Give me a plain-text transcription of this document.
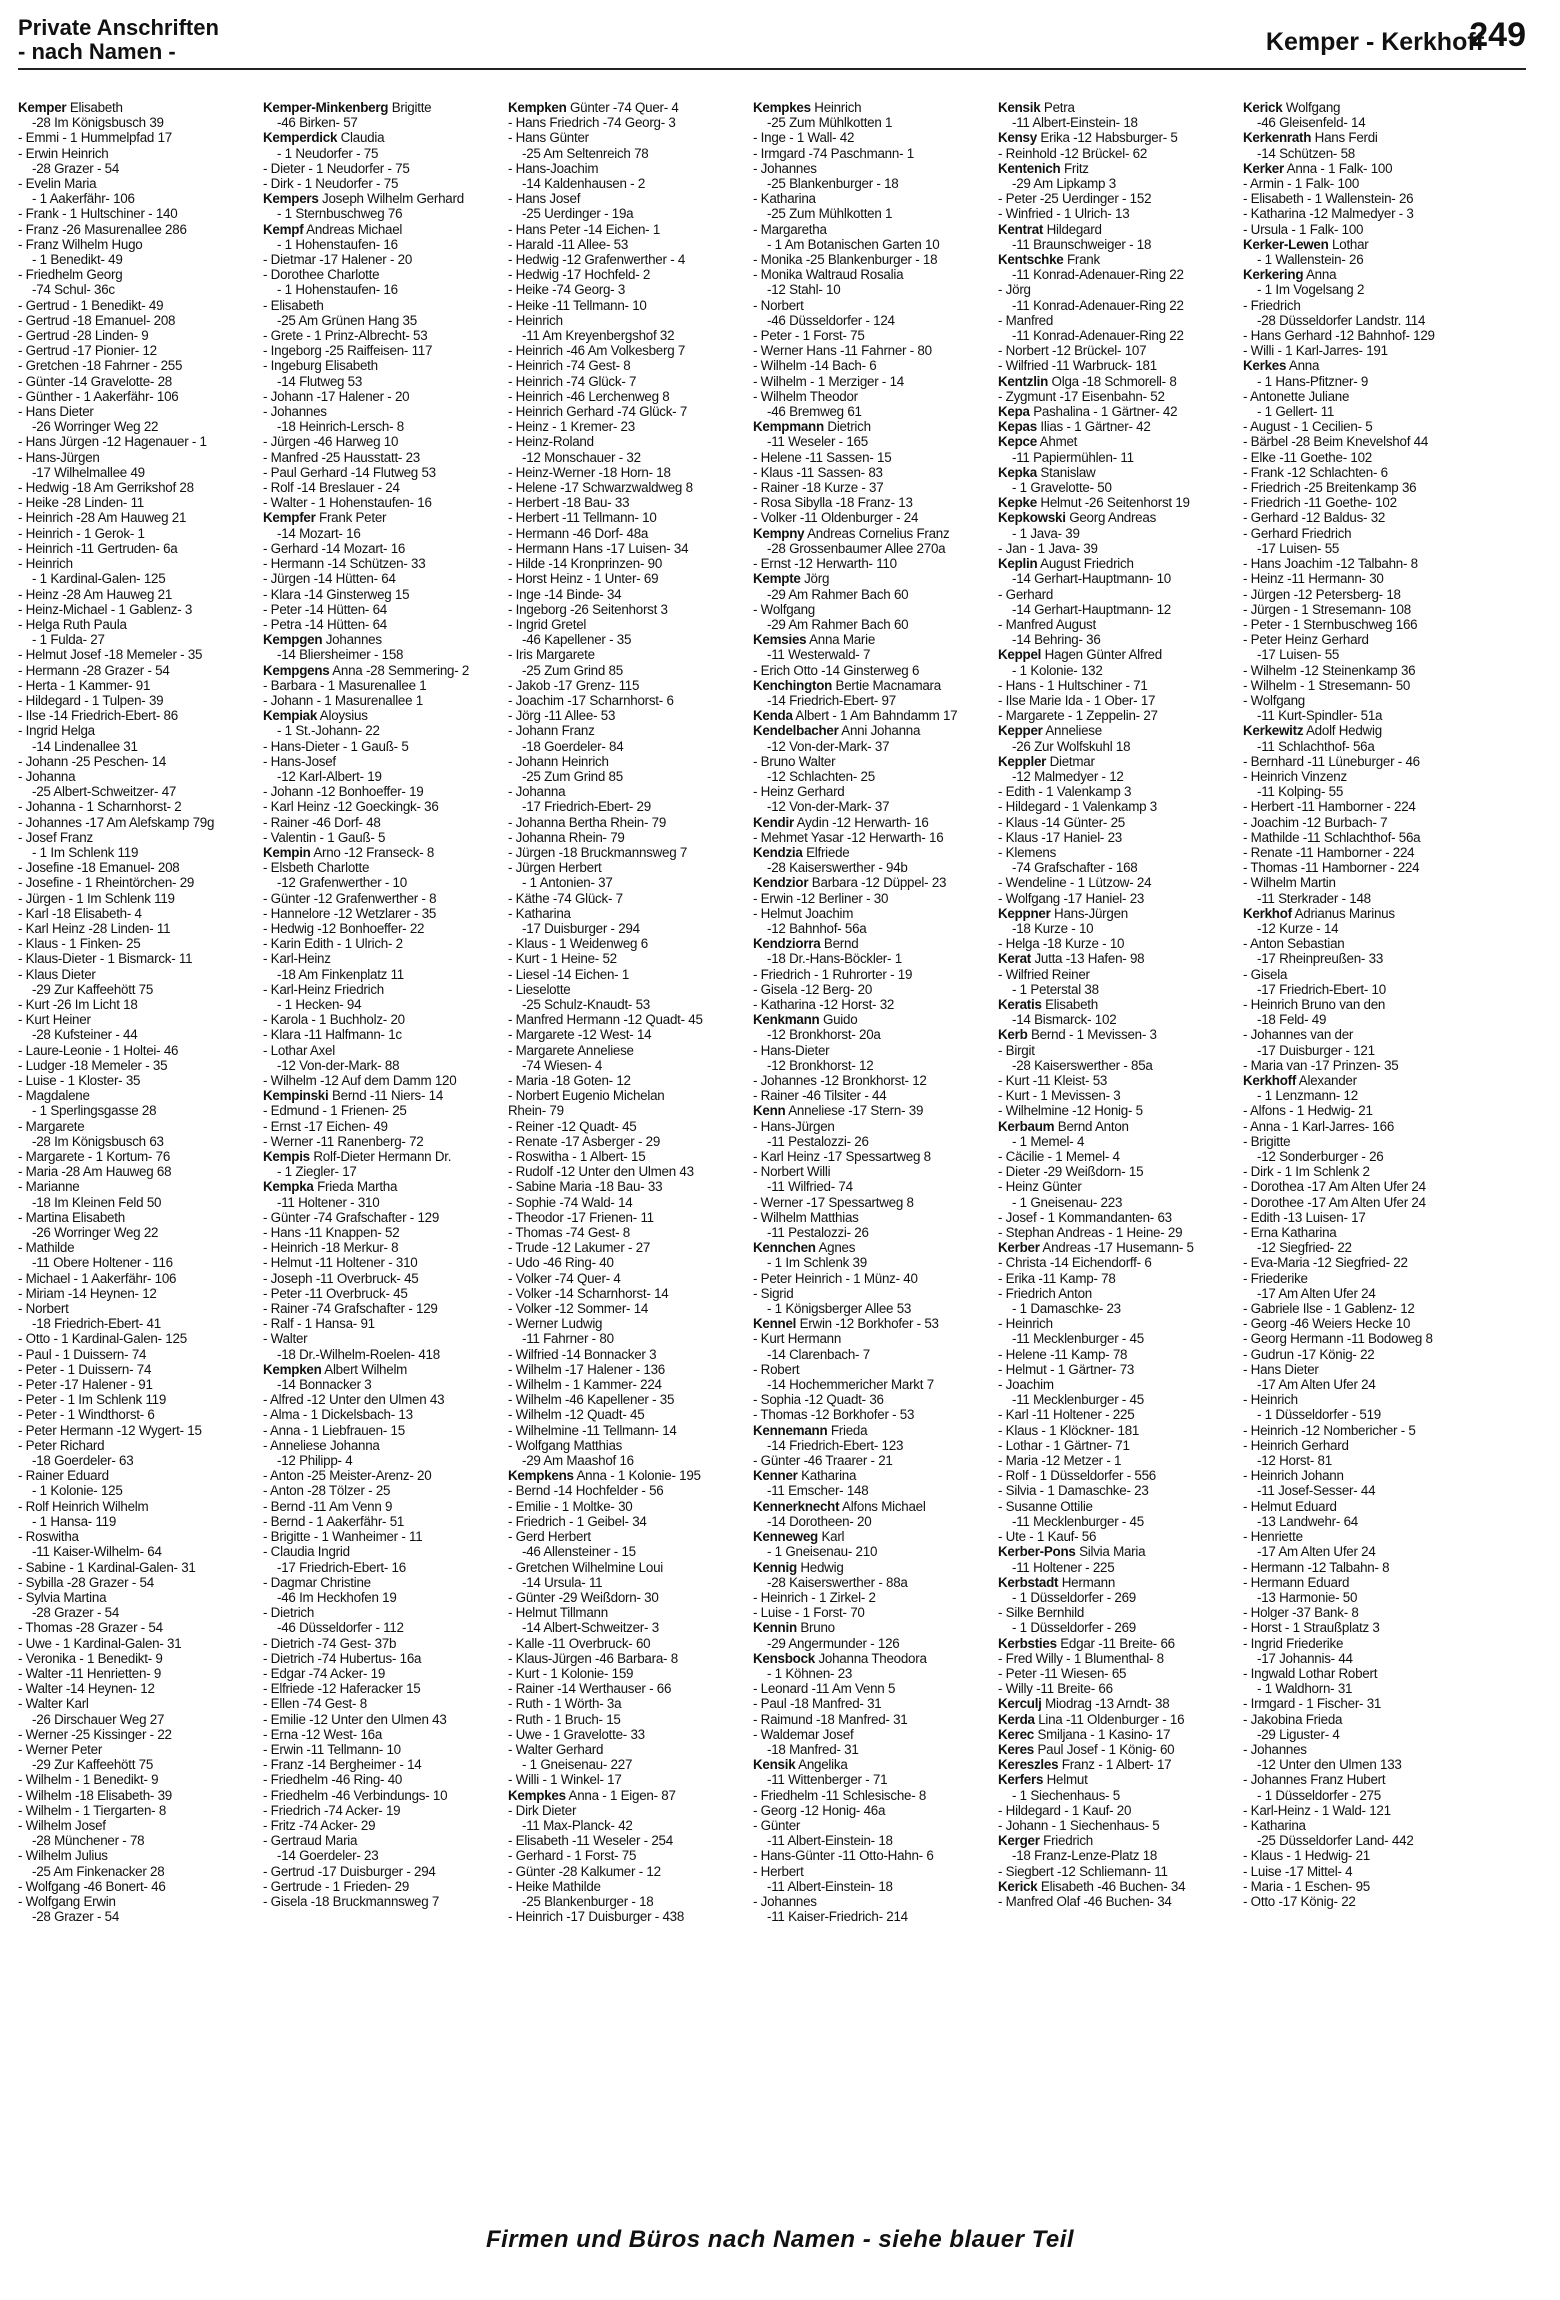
Private Anschriften
- nach Namen -	Kemper - Kerkhoff
249
Kemper Elisabeth
-28 Im Königsbusch 39
- Emmi - 1 Hummelpfad 17
- Erwin Heinrich
-28 Grazer - 54
- Evelin Maria
- 1 Aakerfähr- 106
- Frank - 1 Hultschiner - 140
- Franz -26 Masurenallee 286
- Franz Wilhelm Hugo
- 1 Benedikt- 49
- Friedhelm Georg
-74 Schul- 36c
- Gertrud - 1 Benedikt- 49
- Gertrud -18 Emanuel- 208
- Gertrud -28 Linden- 9
- Gertrud -17 Pionier- 12
- Gretchen -18 Fahrner - 255
- Günter -14 Gravelotte- 28
- Günther - 1 Aakerfähr- 106
- Hans Dieter
-26 Worringer Weg 22
- Hans Jürgen -12 Hagenauer - 1
- Hans-Jürgen
-17 Wilhelmallee 49
- Hedwig -18 Am Gerrikshof 28
- Heike -28 Linden- 11
- Heinrich -28 Am Hauweg 21
- Heinrich - 1 Gerok- 1
- Heinrich -11 Gertruden- 6a
- Heinrich
- 1 Kardinal-Galen- 125
- Heinz -28 Am Hauweg 21
- Heinz-Michael - 1 Gablenz- 3
- Helga Ruth Paula
- 1 Fulda- 27
- Helmut Josef -18 Memeler - 35
- Hermann -28 Grazer - 54
- Herta - 1 Kammer- 91
- Hildegard - 1 Tulpen- 39
- Ilse -14 Friedrich-Ebert- 86
- Ingrid Helga
-14 Lindenallee 31
- Johann -25 Peschen- 14
- Johanna
-25 Albert-Schweitzer- 47
- Johanna - 1 Scharnhorst- 2
- Johannes -17 Am Alefskamp 79g
- Josef Franz
- 1 Im Schlenk 119
- Josefine -18 Emanuel- 208
- Josefine - 1 Rheintörchen- 29
- Jürgen - 1 Im Schlenk 119
- Karl -18 Elisabeth- 4
- Karl Heinz -28 Linden- 11
- Klaus - 1 Finken- 25
- Klaus-Dieter - 1 Bismarck- 11
- Klaus Dieter
-29 Zur Kaffeehött 75
- Kurt -26 Im Licht 18
- Kurt Heiner
-28 Kufsteiner - 44
- Laure-Leonie - 1 Holtei- 46
- Ludger -18 Memeler - 35
- Luise - 1 Kloster- 35
- Magdalene
- 1 Sperlingsgasse 28
- Margarete
-28 Im Königsbusch 63
- Margarete - 1 Kortum- 76
- Maria -28 Am Hauweg 68
- Marianne
-18 Im Kleinen Feld 50
- Martina Elisabeth
-26 Worringer Weg 22
- Mathilde
-11 Obere Holtener - 116
- Michael - 1 Aakerfähr- 106
- Miriam -14 Heynen- 12
- Norbert
-18 Friedrich-Ebert- 41
- Otto - 1 Kardinal-Galen- 125
- Paul - 1 Duissern- 74
- Peter - 1 Duissern- 74
- Peter -17 Halener - 91
- Peter - 1 Im Schlenk 119
- Peter - 1 Windthorst- 6
- Peter Hermann -12 Wygert- 15
- Peter Richard
-18 Goerdeler- 63
- Rainer Eduard
- 1 Kolonie- 125
- Rolf Heinrich Wilhelm
- 1 Hansa- 119
- Roswitha
-11 Kaiser-Wilhelm- 64
- Sabine - 1 Kardinal-Galen- 31
- Sybilla -28 Grazer - 54
- Sylvia Martina
-28 Grazer - 54
- Thomas -28 Grazer - 54
- Uwe - 1 Kardinal-Galen- 31
- Veronika - 1 Benedikt- 9
- Walter -11 Henrietten- 9
- Walter -14 Heynen- 12
- Walter Karl
-26 Dirschauer Weg 27
- Werner -25 Kissinger - 22
- Werner Peter
-29 Zur Kaffeehött 75
- Wilhelm - 1 Benedikt- 9
- Wilhelm -18 Elisabeth- 39
- Wilhelm - 1 Tiergarten- 8
- Wilhelm Josef
-28 Münchener - 78
- Wilhelm Julius
-25 Am Finkenacker 28
- Wolfgang -46 Bonert- 46
- Wolfgang Erwin
-28 Grazer - 54
Kemper-Minkenberg Brigitte
-46 Birken- 57
Kemperdick Claudia
- 1 Neudorfer - 75
- Dieter - 1 Neudorfer - 75
- Dirk - 1 Neudorfer - 75
Kempers Joseph Wilhelm Gerhard
- 1 Sternbuschweg 76
Kempf Andreas Michael
- 1 Hohenstaufen- 16
- Dietmar -17 Halener - 20
- Dorothee Charlotte
- 1 Hohenstaufen- 16
- Elisabeth
-25 Am Grünen Hang 35
- Grete - 1 Prinz-Albrecht- 53
- Ingeborg -25 Raiffeisen- 117
- Ingeburg Elisabeth
-14 Flutweg 53
- Johann -17 Halener - 20
- Johannes
-18 Heinrich-Lersch- 8
- Jürgen -46 Harweg 10
- Manfred -25 Hausstatt- 23
- Paul Gerhard -14 Flutweg 53
- Rolf -14 Breslauer - 24
- Walter - 1 Hohenstaufen- 16
Kempfer Frank Peter
-14 Mozart- 16
- Gerhard -14 Mozart- 16
- Hermann -14 Schützen- 33
- Jürgen -14 Hütten- 64
- Klara -14 Ginsterweg 15
- Peter -14 Hütten- 64
- Petra -14 Hütten- 64
Kempgen Johannes
-14 Bliersheimer - 158
Kempgens Anna -28 Semmering- 2
- Barbara - 1 Masurenallee 1
- Johann - 1 Masurenallee 1
Kempiak Aloysius
- 1 St.-Johann- 22
- Hans-Dieter - 1 Gauß- 5
- Hans-Josef
-12 Karl-Albert- 19
- Johann -12 Bonhoeffer- 19
- Karl Heinz -12 Goeckingk- 36
- Rainer -46 Dorf- 48
- Valentin - 1 Gauß- 5
Kempin Arno -12 Franseck- 8
- Elsbeth Charlotte
-12 Grafenwerther - 10
- Günter -12 Grafenwerther - 8
- Hannelore -12 Wetzlarer - 35
- Hedwig -12 Bonhoeffer- 22
- Karin Edith - 1 Ulrich- 2
- Karl-Heinz
-18 Am Finkenplatz 11
- Karl-Heinz Friedrich
- 1 Hecken- 94
- Karola - 1 Buchholz- 20
- Klara -11 Halfmann- 1c
- Lothar Axel
-12 Von-der-Mark- 88
- Wilhelm -12 Auf dem Damm 120
Kempinski Bernd -11 Niers- 14
- Edmund - 1 Frienen- 25
- Ernst -17 Eichen- 49
- Werner -11 Ranenberg- 72
Kempis Rolf-Dieter Hermann Dr.
- 1 Ziegler- 17
Kempka Frieda Martha
-11 Holtener - 310
- Günter -74 Grafschafter - 129
- Hans -11 Knappen- 52
- Heinrich -18 Merkur- 8
- Helmut -11 Holtener - 310
- Joseph -11 Overbruck- 45
- Peter -11 Overbruck- 45
- Rainer -74 Grafschafter - 129
- Ralf - 1 Hansa- 91
- Walter
-18 Dr.-Wilhelm-Roelen- 418
Kempken Albert Wilhelm
-14 Bonnacker 3
- Alfred -12 Unter den Ulmen 43
- Alma - 1 Dickelsbach- 13
- Anna - 1 Liebfrauen- 15
- Anneliese Johanna
-12 Philipp- 4
- Anton -25 Meister-Arenz- 20
- Anton -28 Tölzer - 25
- Bernd -11 Am Venn 9
- Bernd - 1 Aakerfähr- 51
- Brigitte - 1 Wanheimer - 11
- Claudia Ingrid
-17 Friedrich-Ebert- 16
- Dagmar Christine
-46 Im Heckhofen 19
- Dietrich
-46 Düsseldorfer - 112
- Dietrich -74 Gest- 37b
- Dietrich -74 Hubertus- 16a
- Edgar -74 Acker- 19
- Elfriede -12 Haferacker 15
- Ellen -74 Gest- 8
- Emilie -12 Unter den Ulmen 43
- Erna -12 West- 16a
- Erwin -11 Tellmann- 10
- Franz -14 Bergheimer - 14
- Friedhelm -46 Ring- 40
- Friedhelm -46 Verbindungs- 10
- Friedrich -74 Acker- 19
- Fritz -74 Acker- 29
- Gertraud Maria
-14 Goerdeler- 23
- Gertrud -17 Duisburger - 294
- Gertrude - 1 Frieden- 29
- Gisela -18 Bruckmannsweg 7
Kempken Günter -74 Quer- 4
- Hans Friedrich -74 Georg- 3
- Hans Günter
-25 Am Seltenreich 78
- Hans-Joachim
-14 Kaldenhausen - 2
- Hans Josef
-25 Uerdinger - 19a
- Hans Peter -14 Eichen- 1
- Harald -11 Allee- 53
- Hedwig -12 Grafenwerther - 4
- Hedwig -17 Hochfeld- 2
- Heike -74 Georg- 3
- Heike -11 Tellmann- 10
- Heinrich
-11 Am Kreyenbergshof 32
- Heinrich -46 Am Volkesberg 7
- Heinrich -74 Gest- 8
- Heinrich -74 Glück- 7
- Heinrich -46 Lerchenweg 8
- Heinrich Gerhard -74 Glück- 7
- Heinz - 1 Kremer- 23
- Heinz-Roland
-12 Monschauer - 32
- Heinz-Werner -18 Horn- 18
- Helene -17 Schwarzwaldweg 8
- Herbert -18 Bau- 33
- Herbert -11 Tellmann- 10
- Hermann -46 Dorf- 48a
- Hermann Hans -17 Luisen- 34
- Hilde -14 Kronprinzen- 90
- Horst Heinz - 1 Unter- 69
- Inge -14 Binde- 34
- Ingeborg -26 Seitenhorst 3
- Ingrid Gretel
-46 Kapellener - 35
- Iris Margarete
-25 Zum Grind 85
- Jakob -17 Grenz- 115
- Joachim -17 Scharnhorst- 6
- Jörg -11 Allee- 53
- Johann Franz
-18 Goerdeler- 84
- Johann Heinrich
-25 Zum Grind 85
- Johanna
-17 Friedrich-Ebert- 29
- Johanna Bertha Rhein- 79
- Johanna Rhein- 79
- Jürgen -18 Bruckmannsweg 7
- Jürgen Herbert
- 1 Antonien- 37
- Käthe -74 Glück- 7
- Katharina
-17 Duisburger - 294
- Klaus - 1 Weidenweg 6
- Kurt - 1 Heine- 52
- Liesel -14 Eichen- 1
- Lieselotte
-25 Schulz-Knaudt- 53
- Manfred Hermann -12 Quadt- 45
- Margarete -12 West- 14
- Margarete Anneliese
-74 Wiesen- 4
- Maria -18 Goten- 12
- Norbert Eugenio Michelan
Rhein- 79
- Reiner -12 Quadt- 45
- Renate -17 Asberger - 29
- Roswitha - 1 Albert- 15
- Rudolf -12 Unter den Ulmen 43
- Sabine Maria -18 Bau- 33
- Sophie -74 Wald- 14
- Theodor -17 Frienen- 11
- Thomas -74 Gest- 8
- Trude -12 Lakumer - 27
- Udo -46 Ring- 40
- Volker -74 Quer- 4
- Volker -14 Scharnhorst- 14
- Volker -12 Sommer- 14
- Werner Ludwig
-11 Fahrner - 80
- Wilfried -14 Bonnacker 3
- Wilhelm -17 Halener - 136
- Wilhelm - 1 Kammer- 224
- Wilhelm -46 Kapellener - 35
- Wilhelm -12 Quadt- 45
- Wilhelmine -11 Tellmann- 14
- Wolfgang Matthias
-29 Am Maashof 16
Kempkens Anna - 1 Kolonie- 195
- Bernd -14 Hochfelder - 56
- Emilie - 1 Moltke- 30
- Friedrich - 1 Geibel- 34
- Gerd Herbert
-46 Allensteiner - 15
- Gretchen Wilhelmine Loui
-14 Ursula- 11
- Günter -29 Weißdorn- 30
- Helmut Tillmann
-14 Albert-Schweitzer- 3
- Kalle -11 Overbruck- 60
- Klaus-Jürgen -46 Barbara- 8
- Kurt - 1 Kolonie- 159
- Rainer -14 Werthauser - 66
- Ruth - 1 Wörth- 3a
- Ruth - 1 Bruch- 15
- Uwe - 1 Gravelotte- 33
- Walter Gerhard
- 1 Gneisenau- 227
- Willi - 1 Winkel- 17
Kempkes Anna - 1 Eigen- 87
- Dirk Dieter
-11 Max-Planck- 42
- Elisabeth -11 Weseler - 254
- Gerhard - 1 Forst- 75
- Günter -28 Kalkumer - 12
- Heike Mathilde
-25 Blankenburger - 18
- Heinrich -17 Duisburger - 438
Kempkes Heinrich
-25 Zum Mühlkotten 1
- Inge - 1 Wall- 42
- Irmgard -74 Paschmann- 1
- Johannes
-25 Blankenburger - 18
- Katharina
-25 Zum Mühlkotten 1
- Margaretha
- 1 Am Botanischen Garten 10
- Monika -25 Blankenburger - 18
- Monika Waltraud Rosalia
-12 Stahl- 10
- Norbert
-46 Düsseldorfer - 124
- Peter - 1 Forst- 75
- Werner Hans -11 Fahrner - 80
- Wilhelm -14 Bach- 6
- Wilhelm - 1 Merziger - 14
- Wilhelm Theodor
-46 Bremweg 61
Kempmann Dietrich
-11 Weseler - 165
- Helene -11 Sassen- 15
- Klaus -11 Sassen- 83
- Rainer -18 Kurze - 37
- Rosa Sibylla -18 Franz- 13
- Volker -11 Oldenburger - 24
Kempny Andreas Cornelius Franz
-28 Grossenbaumer Allee 270a
- Ernst -12 Herwarth- 110
Kempte Jörg
-29 Am Rahmer Bach 60
- Wolfgang
-29 Am Rahmer Bach 60
Kemsies Anna Marie
-11 Westerwald- 7
- Erich Otto -14 Ginsterweg 6
Kenchington Bertie Macnamara
-14 Friedrich-Ebert- 97
Kenda Albert - 1 Am Bahndamm 17
Kendelbacher Anni Johanna
-12 Von-der-Mark- 37
- Bruno Walter
-12 Schlachten- 25
- Heinz Gerhard
-12 Von-der-Mark- 37
Kendir Aydin -12 Herwarth- 16
- Mehmet Yasar -12 Herwarth- 16
Kendzia Elfriede
-28 Kaiserswerther - 94b
Kendzior Barbara -12 Düppel- 23
- Erwin -12 Berliner - 30
- Helmut Joachim
-12 Bahnhof- 56a
Kendziorra Bernd
-18 Dr.-Hans-Böckler- 1
- Friedrich - 1 Ruhrorter - 19
- Gisela -12 Berg- 20
- Katharina -12 Horst- 32
Kenkmann Guido
-12 Bronkhorst- 20a
- Hans-Dieter
-12 Bronkhorst- 12
- Johannes -12 Bronkhorst- 12
- Rainer -46 Tilsiter - 44
Kenn Anneliese -17 Stern- 39
- Hans-Jürgen
-11 Pestalozzi- 26
- Karl Heinz -17 Spessartweg 8
- Norbert Willi
-11 Wilfried- 74
- Werner -17 Spessartweg 8
- Wilhelm Matthias
-11 Pestalozzi- 26
Kennchen Agnes
- 1 Im Schlenk 39
- Peter Heinrich - 1 Münz- 40
- Sigrid
- 1 Königsberger Allee 53
Kennel Erwin -12 Borkhofer - 53
- Kurt Hermann
-14 Clarenbach- 7
- Robert
-14 Hochemmericher Markt 7
- Sophia -12 Quadt- 36
- Thomas -12 Borkhofer - 53
Kennemann Frieda
-14 Friedrich-Ebert- 123
- Günter -46 Traarer - 21
Kenner Katharina
-11 Emscher- 148
Kennerknecht Alfons Michael
-14 Dorotheen- 20
Kenneweg Karl
- 1 Gneisenau- 210
Kennig Hedwig
-28 Kaiserswerther - 88a
- Heinrich - 1 Zirkel- 2
- Luise - 1 Forst- 70
Kennin Bruno
-29 Angermunder - 126
Kensbock Johanna Theodora
- 1 Köhnen- 23
- Leonard -11 Am Venn 5
- Paul -18 Manfred- 31
- Raimund -18 Manfred- 31
- Waldemar Josef
-18 Manfred- 31
Kensik Angelika
-11 Wittenberger - 71
- Friedhelm -11 Schlesische- 8
- Georg -12 Honig- 46a
- Günter
-11 Albert-Einstein- 18
- Hans-Günter -11 Otto-Hahn- 6
- Herbert
-11 Albert-Einstein- 18
- Johannes
-11 Kaiser-Friedrich- 214
Kensik Petra
-11 Albert-Einstein- 18
Kensy Erika -12 Habsburger- 5
- Reinhold -12 Brückel- 62
Kentenich Fritz
-29 Am Lipkamp 3
- Peter -25 Uerdinger - 152
- Winfried - 1 Ulrich- 13
Kentrat Hildegard
-11 Braunschweiger - 18
Kentschke Frank
-11 Konrad-Adenauer-Ring 22
- Jörg
-11 Konrad-Adenauer-Ring 22
- Manfred
-11 Konrad-Adenauer-Ring 22
- Norbert -12 Brückel- 107
- Wilfried -11 Warbruck- 181
Kentzlin Olga -18 Schmorell- 8
- Zygmunt -17 Eisenbahn- 52
Kepa Pashalina - 1 Gärtner- 42
Kepas Ilias - 1 Gärtner- 42
Kepce Ahmet
-11 Papiermühlen- 11
Kepka Stanislaw
- 1 Gravelotte- 50
Kepke Helmut -26 Seitenhorst 19
Kepkowski Georg Andreas
- 1 Java- 39
- Jan - 1 Java- 39
Keplin August Friedrich
-14 Gerhart-Hauptmann- 10
- Gerhard
-14 Gerhart-Hauptmann- 12
- Manfred August
-14 Behring- 36
Keppel Hagen Günter Alfred
- 1 Kolonie- 132
- Hans - 1 Hultschiner - 71
- Ilse Marie Ida - 1 Ober- 17
- Margarete - 1 Zeppelin- 27
Kepper Anneliese
-26 Zur Wolfskuhl 18
Keppler Dietmar
-12 Malmedyer - 12
- Edith - 1 Valenkamp 3
- Hildegard - 1 Valenkamp 3
- Klaus -14 Günter- 25
- Klaus -17 Haniel- 23
- Klemens
-74 Grafschafter - 168
- Wendeline - 1 Lützow- 24
- Wolfgang -17 Haniel- 23
Keppner Hans-Jürgen
-18 Kurze - 10
- Helga -18 Kurze - 10
Kerat Jutta -13 Hafen- 98
- Wilfried Reiner
- 1 Peterstal 38
Keratis Elisabeth
-14 Bismarck- 102
Kerb Bernd - 1 Mevissen- 3
- Birgit
-28 Kaiserswerther - 85a
- Kurt -11 Kleist- 53
- Kurt - 1 Mevissen- 3
- Wilhelmine -12 Honig- 5
Kerbaum Bernd Anton
- 1 Memel- 4
- Cäcilie - 1 Memel- 4
- Dieter -29 Weißdorn- 15
- Heinz Günter
- 1 Gneisenau- 223
- Josef - 1 Kommandanten- 63
- Stephan Andreas - 1 Heine- 29
Kerber Andreas -17 Husemann- 5
- Christa -14 Eichendorff- 6
- Erika -11 Kamp- 78
- Friedrich Anton
- 1 Damaschke- 23
- Heinrich
-11 Mecklenburger - 45
- Helene -11 Kamp- 78
- Helmut - 1 Gärtner- 73
- Joachim
-11 Mecklenburger - 45
- Karl -11 Holtener - 225
- Klaus - 1 Klöckner- 181
- Lothar - 1 Gärtner- 71
- Maria -12 Metzer - 1
- Rolf - 1 Düsseldorfer - 556
- Silvia - 1 Damaschke- 23
- Susanne Ottilie
-11 Mecklenburger - 45
- Ute - 1 Kauf- 56
Kerber-Pons Silvia Maria
-11 Holtener - 225
Kerbstadt Hermann
- 1 Düsseldorfer - 269
- Silke Bernhild
- 1 Düsseldorfer - 269
Kerbsties Edgar -11 Breite- 66
- Fred Willy - 1 Blumenthal- 8
- Peter -11 Wiesen- 65
- Willy -11 Breite- 66
Kerculj Miodrag -13 Arndt- 38
Kerda Lina -11 Oldenburger - 16
Kerec Smiljana - 1 Kasino- 17
Keres Paul Josef - 1 König- 60
Kereszles Franz - 1 Albert- 17
Kerfers Helmut
- 1 Siechenhaus- 5
- Hildegard - 1 Kauf- 20
- Johann - 1 Siechenhaus- 5
Kerger Friedrich
-18 Franz-Lenze-Platz 18
- Siegbert -12 Schliemann- 11
Kerick Elisabeth -46 Buchen- 34
- Manfred Olaf -46 Buchen- 34
Kerick Wolfgang
-46 Gleisenfeld- 14
Kerkenrath Hans Ferdi
-14 Schützen- 58
Kerker Anna - 1 Falk- 100
- Armin - 1 Falk- 100
- Elisabeth - 1 Wallenstein- 26
- Katharina -12 Malmedyer - 3
- Ursula - 1 Falk- 100
Kerker-Lewen Lothar
- 1 Wallenstein- 26
Kerkering Anna
- 1 Im Vogelsang 2
- Friedrich
-28 Düsseldorfer Landstr. 114
- Hans Gerhard -12 Bahnhof- 129
- Willi - 1 Karl-Jarres- 191
Kerkes Anna
- 1 Hans-Pfitzner- 9
- Antonette Juliane
- 1 Gellert- 11
- August - 1 Cecilien- 5
- Bärbel -28 Beim Knevelshof 44
- Elke -11 Goethe- 102
- Frank -12 Schlachten- 6
- Friedrich -25 Breitenkamp 36
- Friedrich -11 Goethe- 102
- Gerhard -12 Baldus- 32
- Gerhard Friedrich
-17 Luisen- 55
- Hans Joachim -12 Talbahn- 8
- Heinz -11 Hermann- 30
- Jürgen -12 Petersberg- 18
- Jürgen - 1 Stresemann- 108
- Peter - 1 Sternbuschweg 166
- Peter Heinz Gerhard
-17 Luisen- 55
- Wilhelm -12 Steinenkamp 36
- Wilhelm - 1 Stresemann- 50
- Wolfgang
-11 Kurt-Spindler- 51a
Kerkewitz Adolf Hedwig
-11 Schlachthof- 56a
- Bernhard -11 Lüneburger - 46
- Heinrich Vinzenz
-11 Kolping- 55
- Herbert -11 Hamborner - 224
- Joachim -12 Burbach- 7
- Mathilde -11 Schlachthof- 56a
- Renate -11 Hamborner - 224
- Thomas -11 Hamborner - 224
- Wilhelm Martin
-11 Sterkrader - 148
Kerkhof Adrianus Marinus
-12 Kurze - 14
- Anton Sebastian
-17 Rheinpreußen- 33
- Gisela
-17 Friedrich-Ebert- 10
- Heinrich Bruno van den
-18 Feld- 49
- Johannes van der
-17 Duisburger - 121
- Maria van -17 Prinzen- 35
Kerkhoff Alexander
- 1 Lenzmann- 12
- Alfons - 1 Hedwig- 21
- Anna - 1 Karl-Jarres- 166
- Brigitte
-12 Sonderburger - 26
- Dirk - 1 Im Schlenk 2
- Dorothea -17 Am Alten Ufer 24
- Dorothee -17 Am Alten Ufer 24
- Edith -13 Luisen- 17
- Erna Katharina
-12 Siegfried- 22
- Eva-Maria -12 Siegfried- 22
- Friederike
-17 Am Alten Ufer 24
- Gabriele Ilse - 1 Gablenz- 12
- Georg -46 Weiers Hecke 10
- Georg Hermann -11 Bodoweg 8
- Gudrun -17 König- 22
- Hans Dieter
-17 Am Alten Ufer 24
- Heinrich
- 1 Düsseldorfer - 519
- Heinrich -12 Nombericher - 5
- Heinrich Gerhard
-12 Horst- 81
- Heinrich Johann
-11 Josef-Sesser- 44
- Helmut Eduard
-13 Landwehr- 64
- Henriette
-17 Am Alten Ufer 24
- Hermann -12 Talbahn- 8
- Hermann Eduard
-13 Harmonie- 50
- Holger -37 Bank- 8
- Horst - 1 Straußplatz 3
- Ingrid Friederike
-17 Johannis- 44
- Ingwald Lothar Robert
- 1 Waldhorn- 31
- Irmgard - 1 Fischer- 31
- Jakobina Frieda
-29 Liguster- 4
- Johannes
-12 Unter den Ulmen 133
- Johannes Franz Hubert
- 1 Düsseldorfer - 275
- Karl-Heinz - 1 Wald- 121
- Katharina
-25 Düsseldorfer Land- 442
- Klaus - 1 Hedwig- 21
- Luise -17 Mittel- 4
- Maria - 1 Eschen- 95
- Otto -17 König- 22
Firmen und Büros nach Namen - siehe blauer Teil
